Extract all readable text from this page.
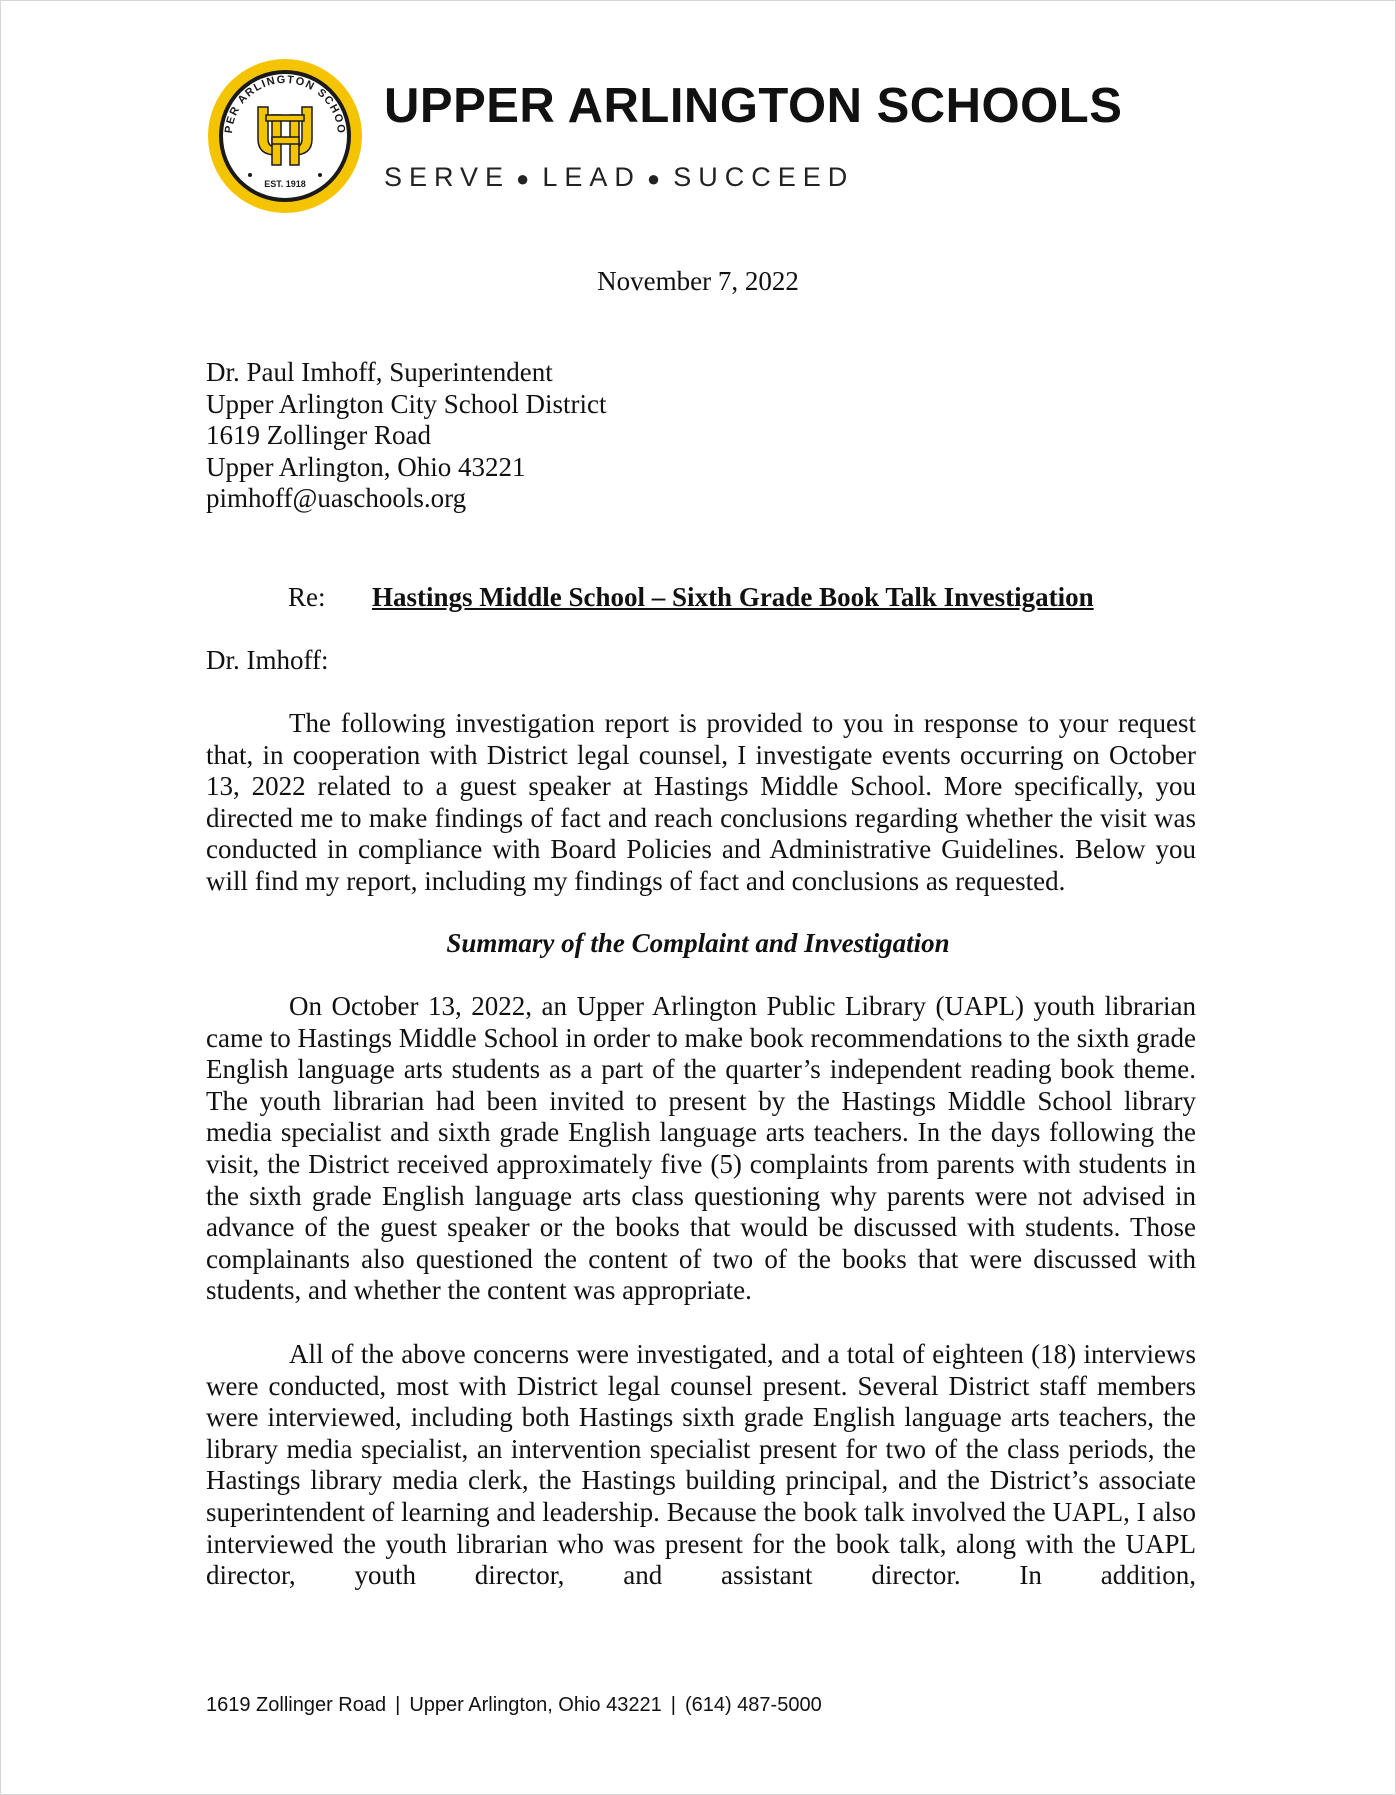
PER ARLINGTON SCHOO
EST. 1918
UPPER ARLINGTON SCHOOLS
SERVE ● LEAD ● SUCCEED
November 7, 2022
Dr. Paul Imhoff, Superintendent
Upper Arlington City School District
1619 Zollinger Road
Upper Arlington, Ohio 43221
pimhoff@uaschools.org
Re: Hastings Middle School – Sixth Grade Book Talk Investigation
Dr. Imhoff:

The following investigation report is provided to you in response to your request that, in cooperation with District legal counsel, I investigate events occurring on October 13, 2022 related to a guest speaker at Hastings Middle School. More specifically, you directed me to make findings of fact and reach conclusions regarding whether the visit was conducted in compliance with Board Policies and Administrative Guidelines. Below you will find my report, including my findings of fact and conclusions as requested.

Summary of the Complaint and Investigation

On October 13, 2022, an Upper Arlington Public Library (UAPL) youth librarian came to Hastings Middle School in order to make book recommendations to the sixth grade English language arts students as a part of the quarter’s independent reading book theme. The youth librarian had been invited to present by the Hastings Middle School library media specialist and sixth grade English language arts teachers. In the days following the visit, the District received approximately five (5) complaints from parents with students in the sixth grade English language arts class questioning why parents were not advised in advance of the guest speaker or the books that would be discussed with students. Those complainants also questioned the content of two of the books that were discussed with students, and whether the content was appropriate.

All of the above concerns were investigated, and a total of eighteen (18) interviews were conducted, most with District legal counsel present. Several District staff members were interviewed, including both Hastings sixth grade English language arts teachers, the library media specialist, an intervention specialist present for two of the class periods, the Hastings library media clerk, the Hastings building principal, and the District’s associate superintendent of learning and leadership. Because the book talk involved the UAPL, I also interviewed the youth librarian who was present for the book talk, along with the UAPL director, youth director, and assistant director. In addition,

1619 Zollinger Road | Upper Arlington, Ohio 43221 | (614) 487-5000
